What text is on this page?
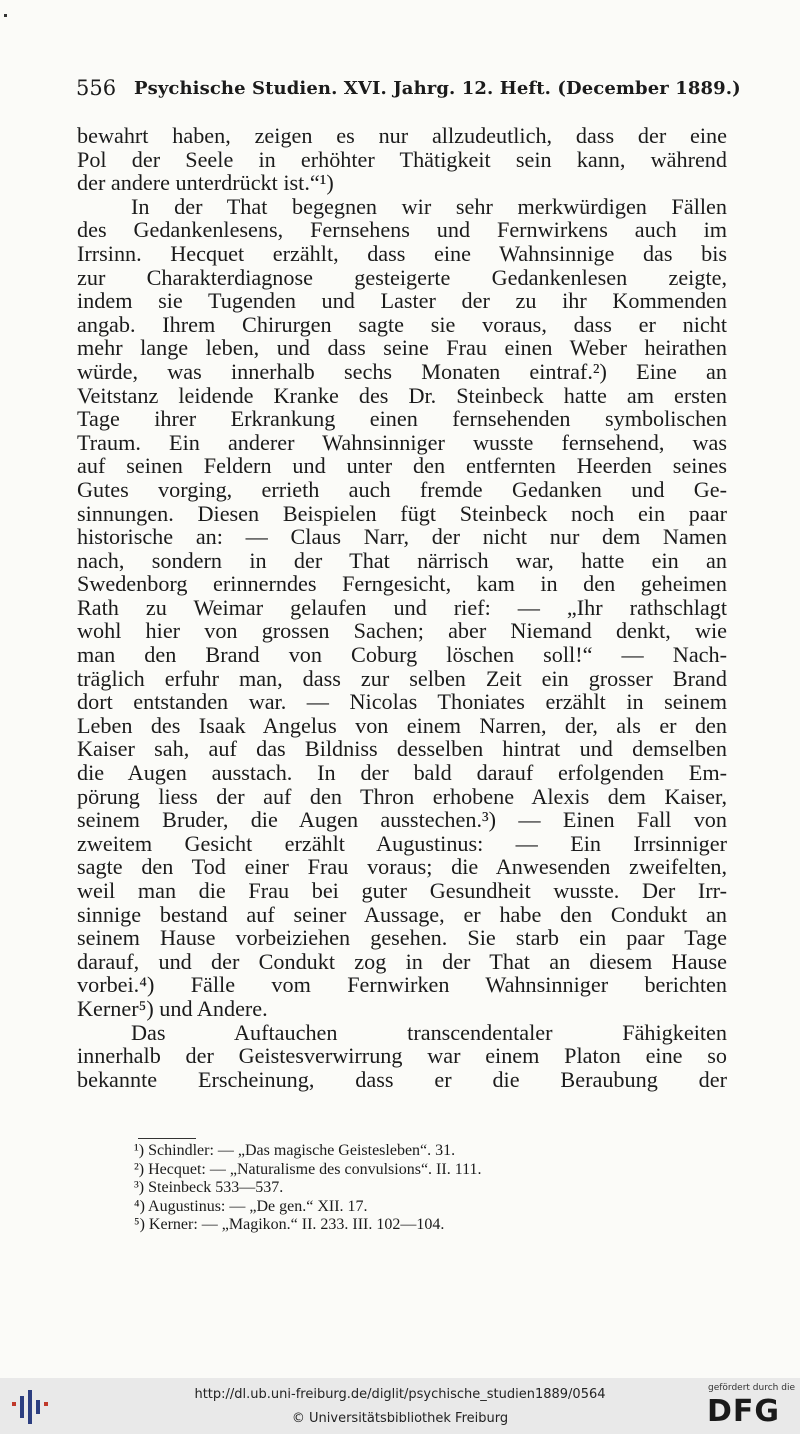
556 Psychische Studien. XVI. Jahrg. 12. Heft. (December 1889.)
bewahrt haben, zeigen es nur allzudeutlich, dass der eine
Pol der Seele in erhöhter Thätigkeit sein kann, während
der andere unterdrückt ist.“¹)
In der That begegnen wir sehr merkwürdigen Fällen
des Gedankenlesens, Fernsehens und Fernwirkens auch im
Irrsinn. Hecquet erzählt, dass eine Wahnsinnige das bis
zur Charakterdiagnose gesteigerte Gedankenlesen zeigte,
indem sie Tugenden und Laster der zu ihr Kommenden
angab. Ihrem Chirurgen sagte sie voraus, dass er nicht
mehr lange leben, und dass seine Frau einen Weber heirathen
würde, was innerhalb sechs Monaten eintraf.²) Eine an
Veitstanz leidende Kranke des Dr. Steinbeck hatte am ersten
Tage ihrer Erkrankung einen fernsehenden symbolischen
Traum. Ein anderer Wahnsinniger wusste fernsehend, was
auf seinen Feldern und unter den entfernten Heerden seines
Gutes vorging, errieth auch fremde Gedanken und Ge-
sinnungen. Diesen Beispielen fügt Steinbeck noch ein paar
historische an: — Claus Narr, der nicht nur dem Namen
nach, sondern in der That närrisch war, hatte ein an
Swedenborg erinnerndes Ferngesicht, kam in den geheimen
Rath zu Weimar gelaufen und rief: — „Ihr rathschlagt
wohl hier von grossen Sachen; aber Niemand denkt, wie
man den Brand von Coburg löschen soll!“ — Nach-
träglich erfuhr man, dass zur selben Zeit ein grosser Brand
dort entstanden war. — Nicolas Thoniates erzählt in seinem
Leben des Isaak Angelus von einem Narren, der, als er den
Kaiser sah, auf das Bildniss desselben hintrat und demselben
die Augen ausstach. In der bald darauf erfolgenden Em-
pörung liess der auf den Thron erhobene Alexis dem Kaiser,
seinem Bruder, die Augen ausstechen.³) — Einen Fall von
zweitem Gesicht erzählt Augustinus: — Ein Irrsinniger
sagte den Tod einer Frau voraus; die Anwesenden zweifelten,
weil man die Frau bei guter Gesundheit wusste. Der Irr-
sinnige bestand auf seiner Aussage, er habe den Condukt an
seinem Hause vorbeiziehen gesehen. Sie starb ein paar Tage
darauf, und der Condukt zog in der That an diesem Hause
vorbei.⁴) Fälle vom Fernwirken Wahnsinniger berichten
Kerner⁵) und Andere.
Das Auftauchen transcendentaler Fähigkeiten
innerhalb der Geistesverwirrung war einem Platon eine so
bekannte Erscheinung, dass er die Beraubung der
¹) Schindler: — „Das magische Geistesleben“. 31.
²) Hecquet: — „Naturalisme des convulsions“. II. 111.
³) Steinbeck 533—537.
⁴) Augustinus: — „De gen.“ XII. 17.
⁵) Kerner: — „Magikon.“ II. 233. III. 102—104.
http://dl.ub.uni-freiburg.de/diglit/psychische_studien1889/0564
© Universitätsbibliothek Freiburg
gefördert durch die
DFG
